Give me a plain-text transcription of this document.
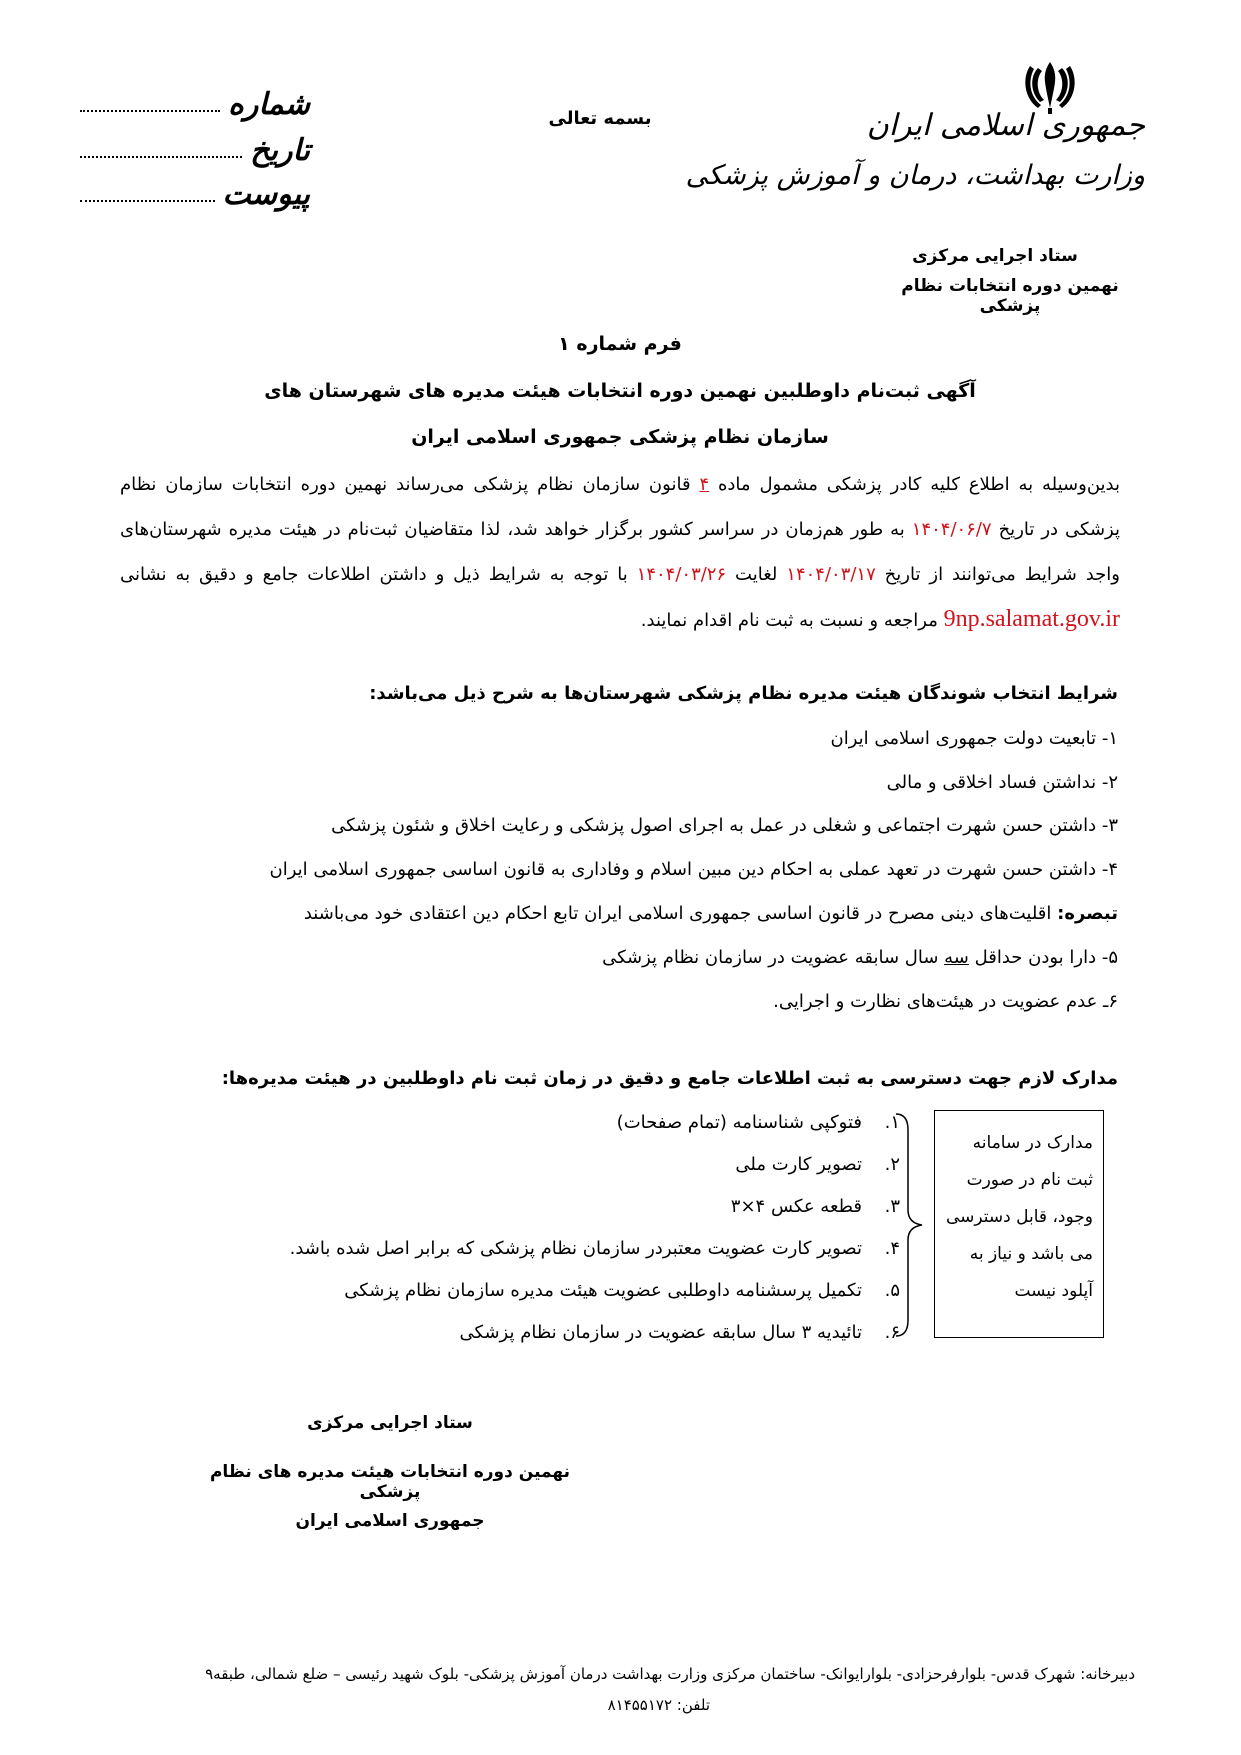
جمهوری اسلامی ایران
وزارت بهداشت، درمان و آموزش پزشکی
ستاد اجرایی مرکزی
نهمین دوره انتخابات نظام پزشکی
بسمه تعالی
شماره
تاریخ
پیوست
فرم شماره ۱
آگهی ثبت‌نام داوطلبین نهمین دوره انتخابات هیئت مدیره های شهرستان های
سازمان نظام پزشکی جمهوری اسلامی ایران
بدین‌وسیله به اطلاع کلیه کادر پزشکی مشمول ماده ۴ قانون سازمان نظام پزشکی می‌رساند نهمین دوره انتخابات سازمان نظام پزشکی در تاریخ ۱۴۰۴/۰۶/۷ به طور هم‌زمان در سراسر کشور برگزار خواهد شد، لذا متقاضیان ثبت‌نام در هیئت مدیره شهرستان‌های واجد شرایط می‌توانند از تاریخ ۱۴۰۴/۰۳/۱۷ لغایت ۱۴۰۴/۰۳/۲۶ با توجه به شرایط ذیل و داشتن اطلاعات جامع و دقیق به نشانی 9np.salamat.gov.ir مراجعه و نسبت به ثبت نام اقدام نمایند.
شرایط انتخاب شوندگان هیئت مدیره نظام پزشکی شهرستان‌ها به شرح ذیل می‌باشد:
۱- تابعیت دولت جمهوری اسلامی ایران
۲- نداشتن فساد اخلاقی و مالی
۳- داشتن حسن شهرت اجتماعی و شغلی در عمل به اجرای اصول پزشکی و رعایت اخلاق و شئون پزشکی
۴- داشتن حسن شهرت در تعهد عملی به احکام دین مبین اسلام و وفاداری به قانون اساسی جمهوری اسلامی ایران
تبصره: اقلیت‌های دینی مصرح در قانون اساسی جمهوری اسلامی ایران تابع احکام دین اعتقادی خود می‌باشند
۵- دارا بودن حداقل سه سال سابقه عضویت در سازمان نظام پزشکی
۶ـ عدم عضویت در هیئت‌های نظارت و اجرایی.
مدارک لازم جهت دسترسی به ثبت اطلاعات جامع و دقیق در زمان ثبت نام داوطلبین در هیئت مدیره‌ها:
۱.فتوکپی شناسنامه (تمام صفحات)
۲.تصویر کارت ملی
۳.قطعه عکس ۴×۳
۴.تصویر کارت عضویت معتبردر سازمان نظام پزشکی که برابر اصل شده باشد.
۵.تکمیل پرسشنامه داوطلبی عضویت هیئت مدیره سازمان نظام پزشکی
۶.تائیدیه ۳ سال سابقه عضویت در سازمان نظام پزشکی
مدارک در سامانه ثبت نام در صورت وجود، قابل دسترسی می باشد و نیاز به آپلود نیست
ستاد اجرایی مرکزی
نهمین دوره انتخابات هیئت مدیره های نظام پزشکی
جمهوری اسلامی ایران
دبیرخانه: شهرک قدس- بلوارفرحزادی- بلوارایوانک- ساختمان مرکزی وزارت بهداشت درمان آموزش پزشکی- بلوک شهید رئیسی – ضلع شمالی، طبقه۹
تلفن: ۸۱۴۵۵۱۷۲
